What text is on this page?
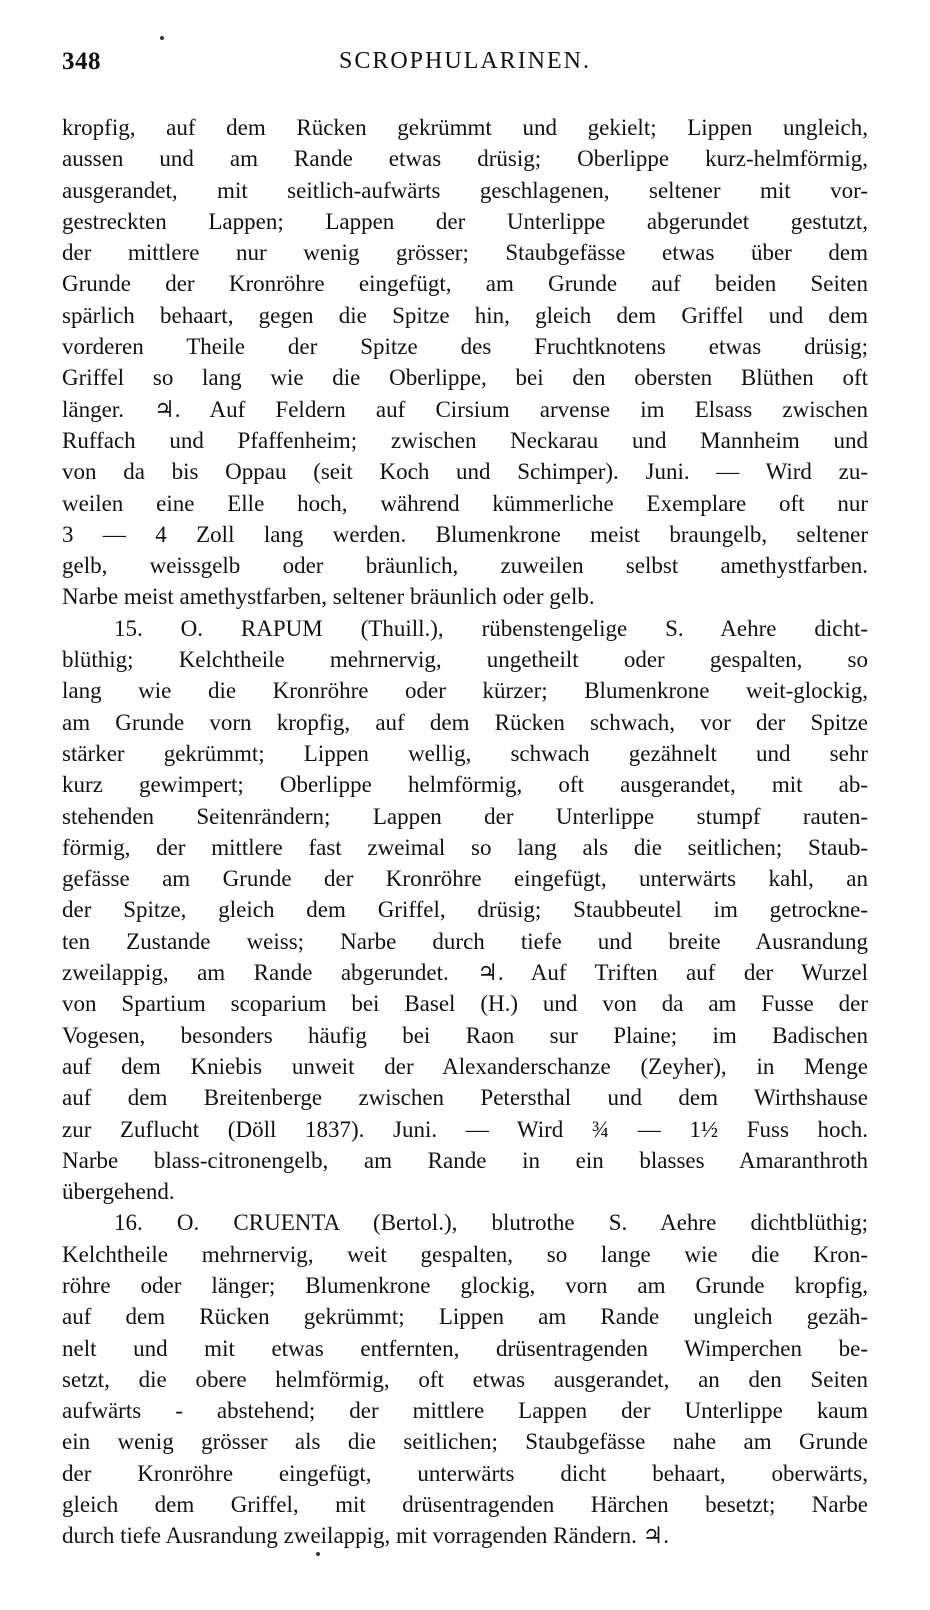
348	SCROPHULARINEN.
kropfig, auf dem Rücken gekrümmt und gekielt; Lippen ungleich,
aussen und am Rande etwas drüsig; Oberlippe kurz-helmförmig,
ausgerandet, mit seitlich-aufwärts geschlagenen, seltener mit vor-
gestreckten Lappen; Lappen der Unterlippe abgerundet gestutzt,
der mittlere nur wenig grösser; Staubgefässe etwas über dem
Grunde der Kronröhre eingefügt, am Grunde auf beiden Seiten
spärlich behaart, gegen die Spitze hin, gleich dem Griffel und dem
vorderen Theile der Spitze des Fruchtknotens etwas drüsig;
Griffel so lang wie die Oberlippe, bei den obersten Blüthen oft
länger. ♃. Auf Feldern auf Cirsium arvense im Elsass zwischen
Ruffach und Pfaffenheim; zwischen Neckarau und Mannheim und
von da bis Oppau (seit Koch und Schimper). Juni. — Wird zu-
weilen eine Elle hoch, während kümmerliche Exemplare oft nur
3 — 4 Zoll lang werden. Blumenkrone meist braungelb, seltener
gelb, weissgelb oder bräunlich, zuweilen selbst amethystfarben.
Narbe meist amethystfarben, seltener bräunlich oder gelb.
15. O. RAPUM (Thuill.), rübenstengelige S. Aehre dicht-
blüthig; Kelchtheile mehrnervig, ungetheilt oder gespalten, so
lang wie die Kronröhre oder kürzer; Blumenkrone weit-glockig,
am Grunde vorn kropfig, auf dem Rücken schwach, vor der Spitze
stärker gekrümmt; Lippen wellig, schwach gezähnelt und sehr
kurz gewimpert; Oberlippe helmförmig, oft ausgerandet, mit ab-
stehenden Seitenrändern; Lappen der Unterlippe stumpf rauten-
förmig, der mittlere fast zweimal so lang als die seitlichen; Staub-
gefässe am Grunde der Kronröhre eingefügt, unterwärts kahl, an
der Spitze, gleich dem Griffel, drüsig; Staubbeutel im getrockne-
ten Zustande weiss; Narbe durch tiefe und breite Ausrandung
zweilappig, am Rande abgerundet. ♃. Auf Triften auf der Wurzel
von Spartium scoparium bei Basel (H.) und von da am Fusse der
Vogesen, besonders häufig bei Raon sur Plaine; im Badischen
auf dem Kniebis unweit der Alexanderschanze (Zeyher), in Menge
auf dem Breitenberge zwischen Petersthal und dem Wirthshause
zur Zuflucht (Döll 1837). Juni. — Wird ¾ — 1½ Fuss hoch.
Narbe blass-citronengelb, am Rande in ein blasses Amaranthroth
übergehend.
16. O. CRUENTA (Bertol.), blutrothe S. Aehre dichtblüthig;
Kelchtheile mehrnervig, weit gespalten, so lange wie die Kron-
röhre oder länger; Blumenkrone glockig, vorn am Grunde kropfig,
auf dem Rücken gekrümmt; Lippen am Rande ungleich gezäh-
nelt und mit etwas entfernten, drüsentragenden Wimperchen be-
setzt, die obere helmförmig, oft etwas ausgerandet, an den Seiten
aufwärts - abstehend; der mittlere Lappen der Unterlippe kaum
ein wenig grösser als die seitlichen; Staubgefässe nahe am Grunde
der Kronröhre eingefügt, unterwärts dicht behaart, oberwärts,
gleich dem Griffel, mit drüsentragenden Härchen besetzt; Narbe
durch tiefe Ausrandung zweilappig, mit vorragenden Rändern. ♃.
